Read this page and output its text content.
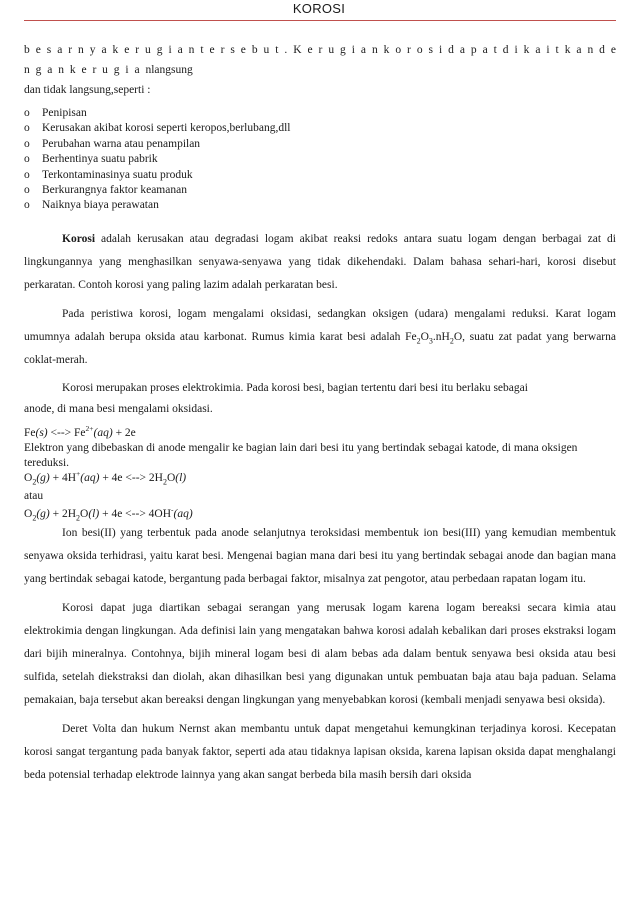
KOROSI

b e s a r n y a k e r u g i a n t e r s e b u t . K e r u g i a n k o r o s i d a p a t d i k a i t k a n d e n g a n k e r u g i a nlangsung
dan tidak langsung,seperti :

o	Penipisan
o	Kerusakan akibat korosi seperti keropos,berlubang,dll
o	Perubahan warna atau penampilan
o	Berhentinya suatu pabrik
o	Terkontaminasinya suatu produk
o	Berkurangnya faktor keamanan
o	Naiknya biaya perawatan

Korosi adalah kerusakan atau degradasi logam akibat reaksi redoks antara suatu logam dengan berbagai zat di lingkungannya yang menghasilkan senyawa-senyawa yang tidak dikehendaki. Dalam bahasa sehari-hari, korosi disebut perkaratan. Contoh korosi yang paling lazim adalah perkaratan besi.

Pada peristiwa korosi, logam mengalami oksidasi, sedangkan oksigen (udara) mengalami reduksi. Karat logam umumnya adalah berupa oksida atau karbonat. Rumus kimia karat besi adalah $Fe_2O_3.nH_2O$, suatu zat padat yang berwarna coklat-merah.

Korosi merupakan proses elektrokimia. Pada korosi besi, bagian tertentu dari besi itu berlaku sebagai
anode, di mana besi mengalami oksidasi.

Fe(s) <--> $Fe^{2+}(aq) + 2e$

Elektron yang dibebaskan di anode mengalir ke bagian lain dari besi itu yang bertindak sebagai katode, di mana oksigen tereduksi.

$O_2(g) + 4H^+(aq) + 4e$ <--> $2H_2O(l)$

atau

$O_2(g) + 2H_2O(l) + 4e$ <--> 4OH-(aq)

Ion besi(II) yang terbentuk pada anode selanjutnya teroksidasi membentuk ion besi(III) yang kemudian membentuk senyawa oksida terhidrasi, yaitu karat besi. Mengenai bagian mana dari besi itu yang bertindak sebagai anode dan bagian mana yang bertindak sebagai katode, bergantung pada berbagai faktor, misalnya zat pengotor, atau perbedaan rapatan logam itu.

Korosi dapat juga diartikan sebagai serangan yang merusak logam karena logam bereaksi secara kimia atau elektrokimia dengan lingkungan. Ada definisi lain yang mengatakan bahwa korosi adalah kebalikan dari proses ekstraksi logam dari bijih mineralnya. Contohnya, bijih mineral logam besi di alam bebas ada dalam bentuk senyawa besi oksida atau besi sulfida, setelah diekstraksi dan diolah, akan dihasilkan besi yang digunakan untuk pembuatan baja atau baja paduan. Selama pemakaian, baja tersebut akan bereaksi dengan lingkungan yang menyebabkan korosi (kembali menjadi senyawa besi oksida).

Deret Volta dan hukum Nernst akan membantu untuk dapat mengetahui kemungkinan terjadinya korosi. Kecepatan korosi sangat tergantung pada banyak faktor, seperti ada atau tidaknya lapisan oksida, karena lapisan oksida dapat menghalangi beda potensial terhadap elektrode lainnya yang akan sangat berbeda bila masih bersih dari oksida
